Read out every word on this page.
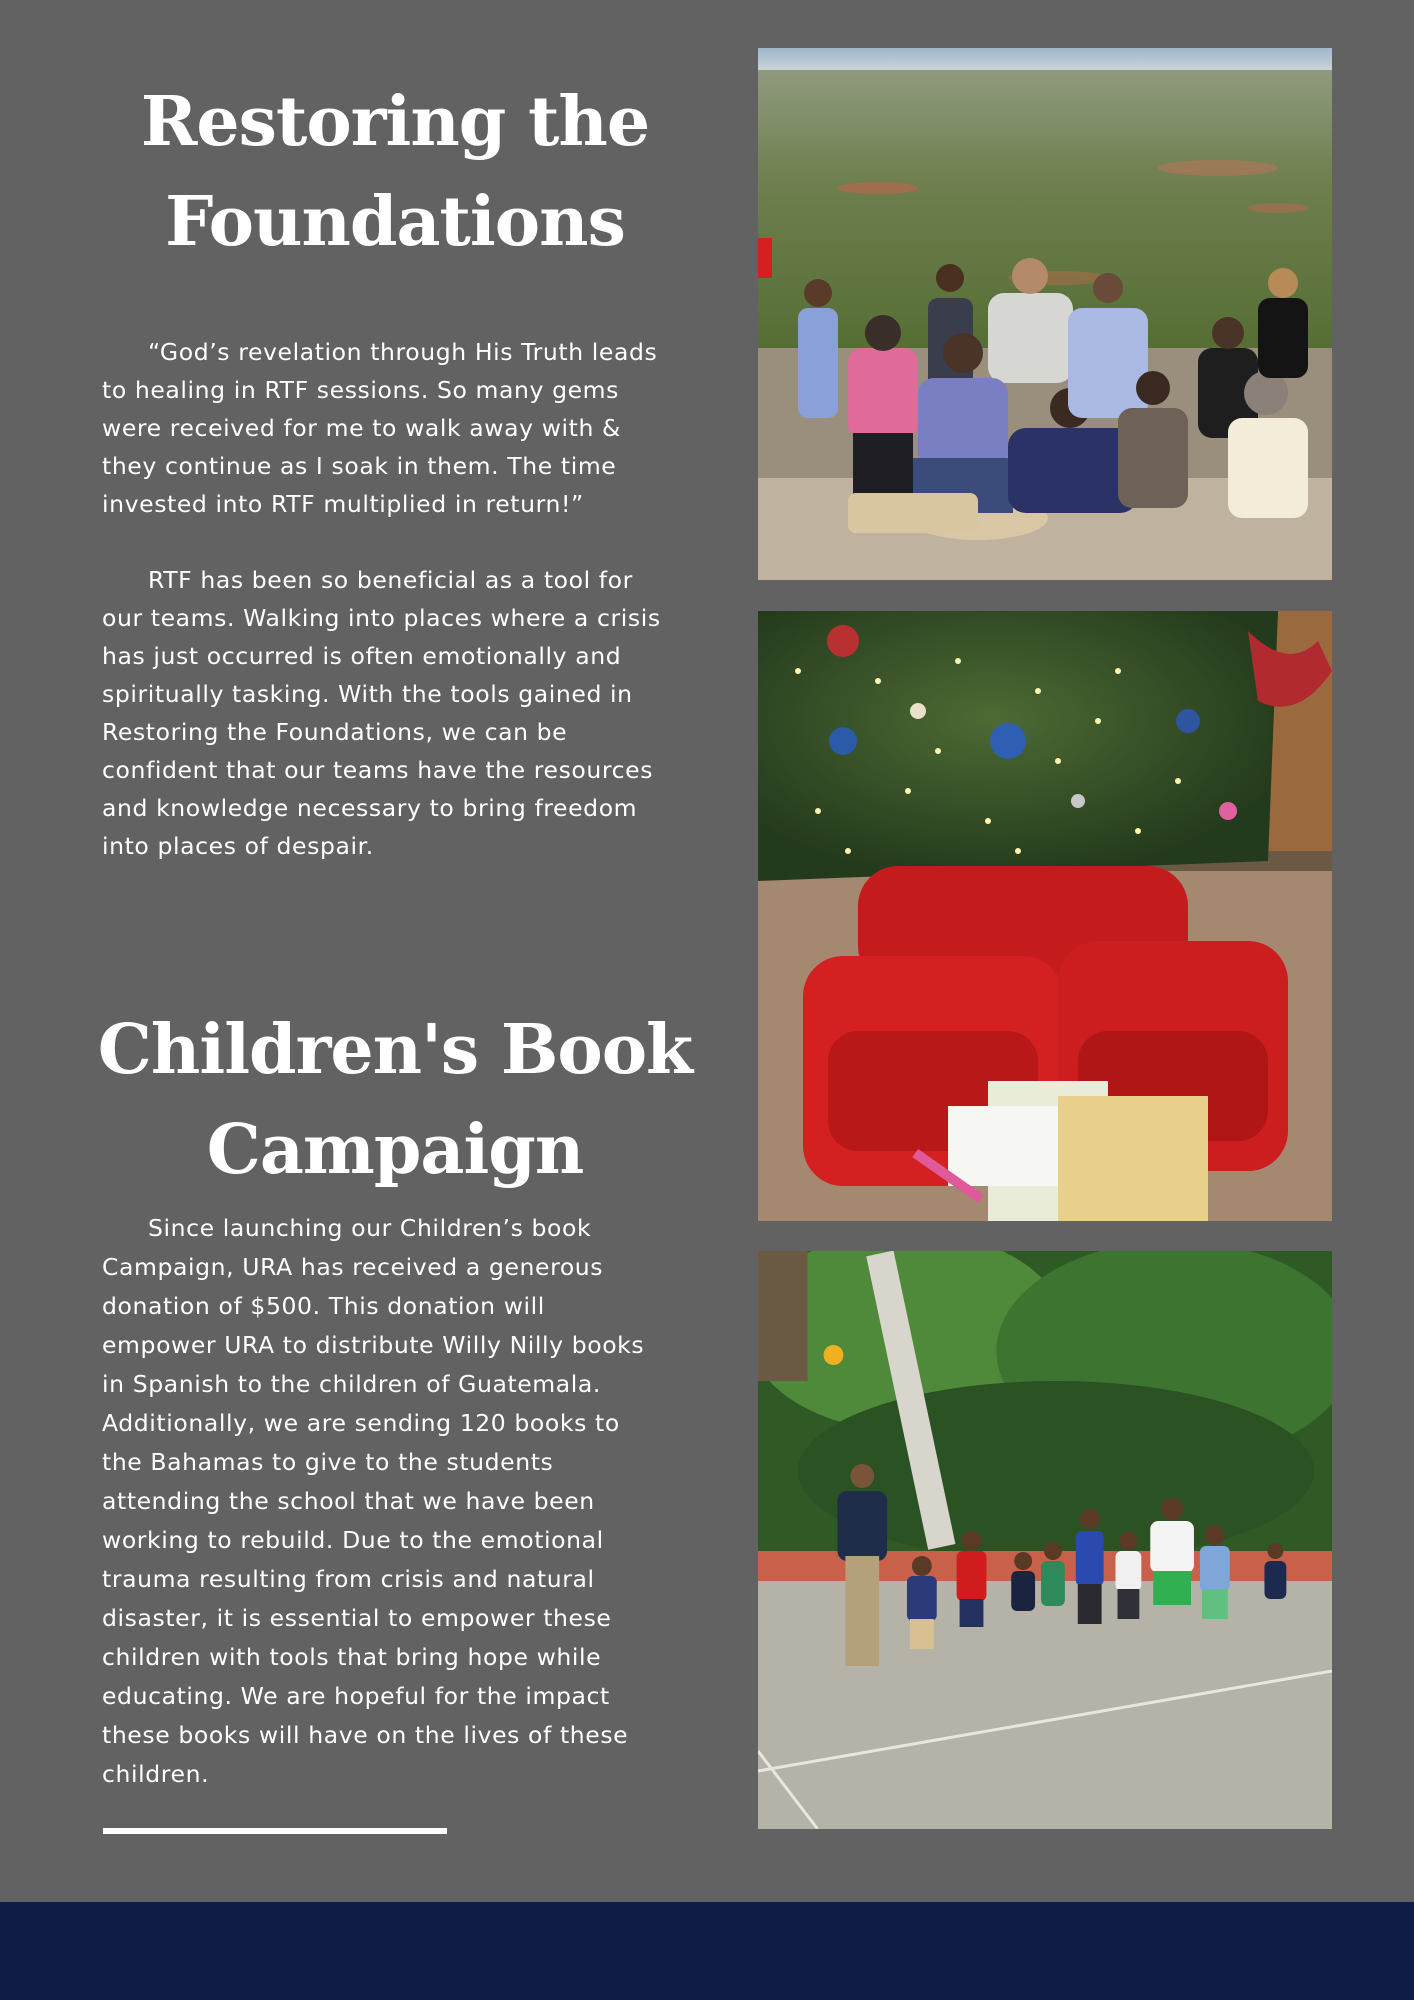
Restoring the
Foundations

“God’s revelation through His Truth leads
to healing in RTF sessions. So many gems
were received for me to walk away with &
they continue as I soak in them. The time
invested into RTF multiplied in return!”

RTF has been so beneficial as a tool for
our teams. Walking into places where a crisis
has just occurred is often emotionally and
spiritually tasking. With the tools gained in
Restoring the Foundations, we can be
confident that our teams have the resources
and knowledge necessary to bring freedom
into places of despair.

Children's Book
Campaign

Since launching our Children’s book
Campaign, URA has received a generous
donation of $500. This donation will
empower URA to distribute Willy Nilly books
in Spanish to the children of Guatemala.
Additionally, we are sending 120 books to
the Bahamas to give to the students
attending the school that we have been
working to rebuild. Due to the emotional
trauma resulting from crisis and natural
disaster, it is essential to empower these
children with tools that bring hope while
educating. We are hopeful for the impact
these books will have on the lives of these
children.
